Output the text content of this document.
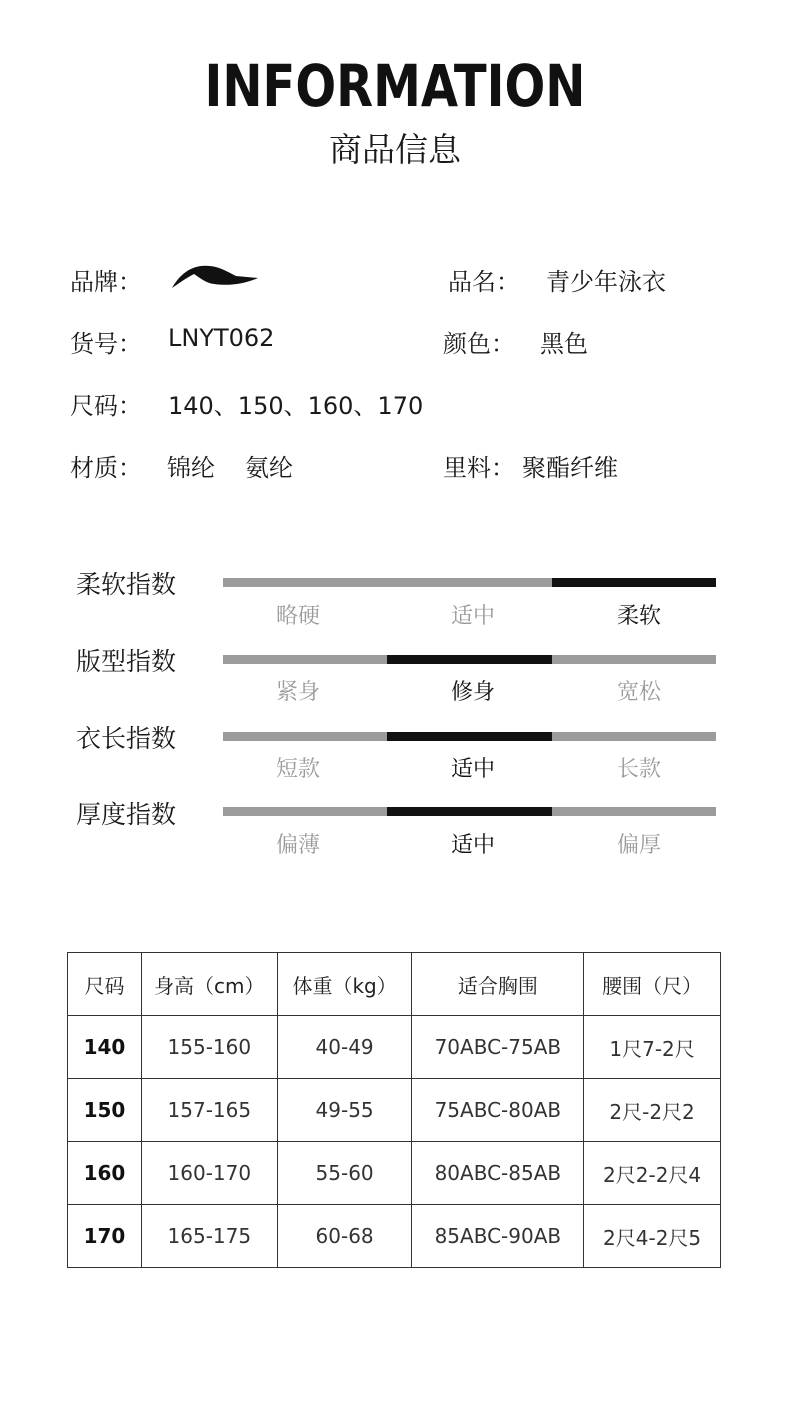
INFORMATION
商品信息
品牌：	品名： 青少年泳衣
货号： LNYT062	颜色： 黑色
尺码： 140、150、160、170
材质： 锦纶 氨纶	里料： 聚酯纤维
柔软指数
略硬	适中	柔软
版型指数
紧身	修身	宽松
衣长指数
短款	适中	长款
厚度指数
偏薄	适中	偏厚
尺码	身高（cm）	体重（kg）	适合胸围	腰围（尺）
140	155-160	40-49	70ABC-75AB	1尺7-2尺
150	157-165	49-55	75ABC-80AB	2尺-2尺2
160	160-170	55-60	80ABC-85AB	2尺2-2尺4
170	165-175	60-68	85ABC-90AB	2尺4-2尺5
